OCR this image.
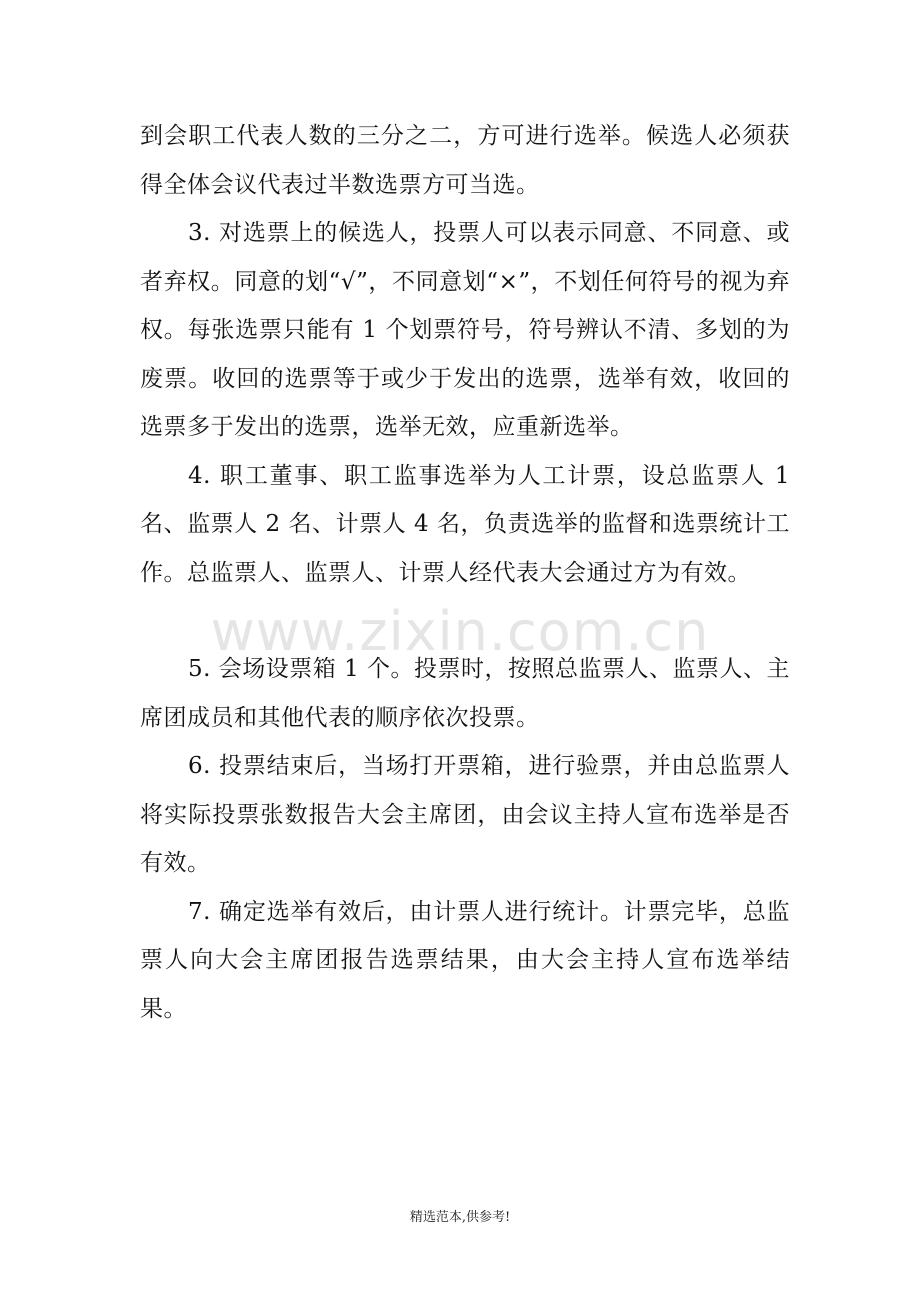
到会职工代表人数的三分之二，方可进行选举。候选人必须获得全体会议代表过半数选票方可当选。

3. 对选票上的候选人，投票人可以表示同意、不同意、或者弃权。同意的划“√”，不同意划“×”，不划任何符号的视为弃权。每张选票只能有 1 个划票符号，符号辨认不清、多划的为废票。收回的选票等于或少于发出的选票，选举有效，收回的选票多于发出的选票，选举无效，应重新选举。

4. 职工董事、职工监事选举为人工计票，设总监票人 1 名、监票人 2 名、计票人 4 名，负责选举的监督和选票统计工作。总监票人、监票人、计票人经代表大会通过方为有效。

5. 会场设票箱 1 个。投票时，按照总监票人、监票人、主席团成员和其他代表的顺序依次投票。

6. 投票结束后，当场打开票箱，进行验票，并由总监票人将实际投票张数报告大会主席团，由会议主持人宣布选举是否有效。

7. 确定选举有效后，由计票人进行统计。计票完毕，总监票人向大会主席团报告选票结果，由大会主持人宣布选举结果。

www.zixin.com.cn
精选范本,供参考!
